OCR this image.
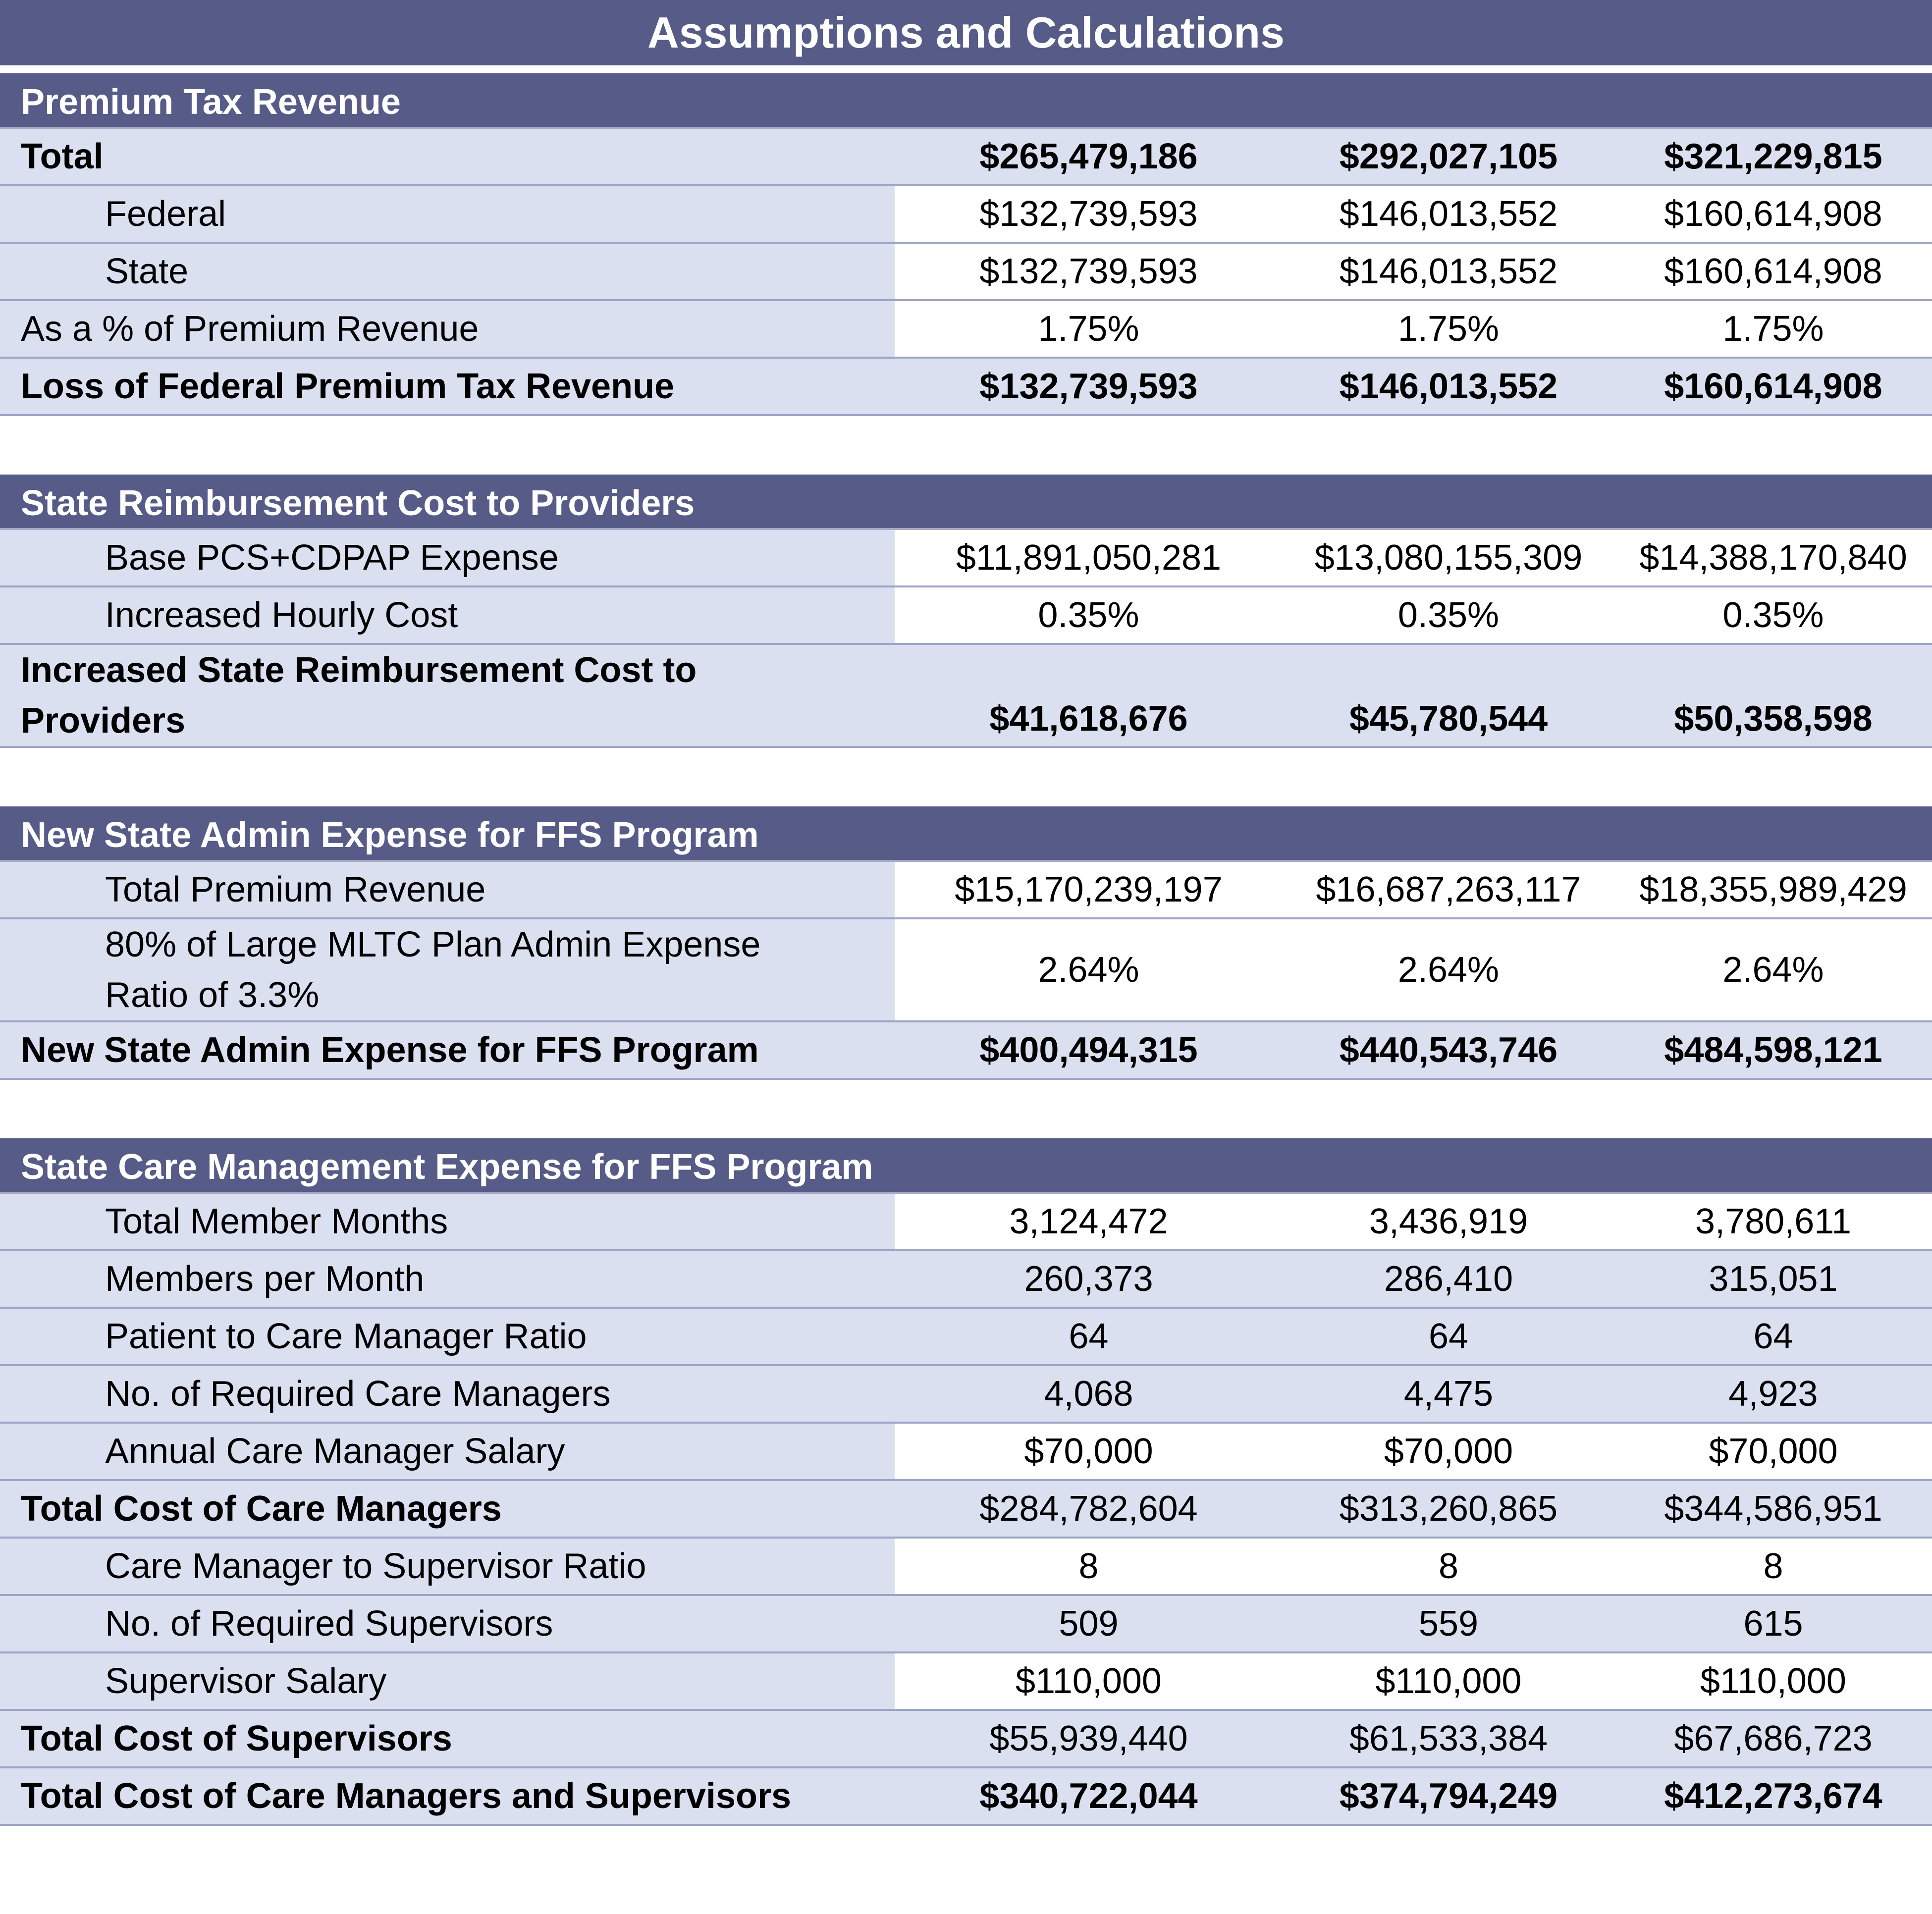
Assumptions and Calculations
Premium Tax Revenue
Total	$265,479,186	$292,027,105	$321,229,815
Federal	$132,739,593	$146,013,552	$160,614,908
State	$132,739,593	$146,013,552	$160,614,908
As a % of Premium Revenue	1.75%	1.75%	1.75%
Loss of Federal Premium Tax Revenue	$132,739,593	$146,013,552	$160,614,908
State Reimbursement Cost to Providers
Base PCS+CDPAP Expense	$11,891,050,281	$13,080,155,309	$14,388,170,840
Increased Hourly Cost	0.35%	0.35%	0.35%
Increased State Reimbursement Cost to
Providers	$41,618,676	$45,780,544	$50,358,598
New State Admin Expense for FFS Program
Total Premium Revenue	$15,170,239,197	$16,687,263,117	$18,355,989,429
80% of Large MLTC Plan Admin Expense
Ratio of 3.3%
2.64%	2.64%	2.64%
New State Admin Expense for FFS Program	$400,494,315	$440,543,746	$484,598,121
State Care Management Expense for FFS Program
Total Member Months	3,124,472	3,436,919	3,780,611
Members per Month	260,373	286,410	315,051
Patient to Care Manager Ratio	64	64	64
No. of Required Care Managers	4,068	4,475	4,923
Annual Care Manager Salary	$70,000	$70,000	$70,000
Total Cost of Care Managers	$284,782,604	$313,260,865	$344,586,951
Care Manager to Supervisor Ratio	8	8	8
No. of Required Supervisors	509	559	615
Supervisor Salary	$110,000	$110,000	$110,000
Total Cost of Supervisors	$55,939,440	$61,533,384	$67,686,723
Total Cost of Care Managers and Supervisors	$340,722,044	$374,794,249	$412,273,674
